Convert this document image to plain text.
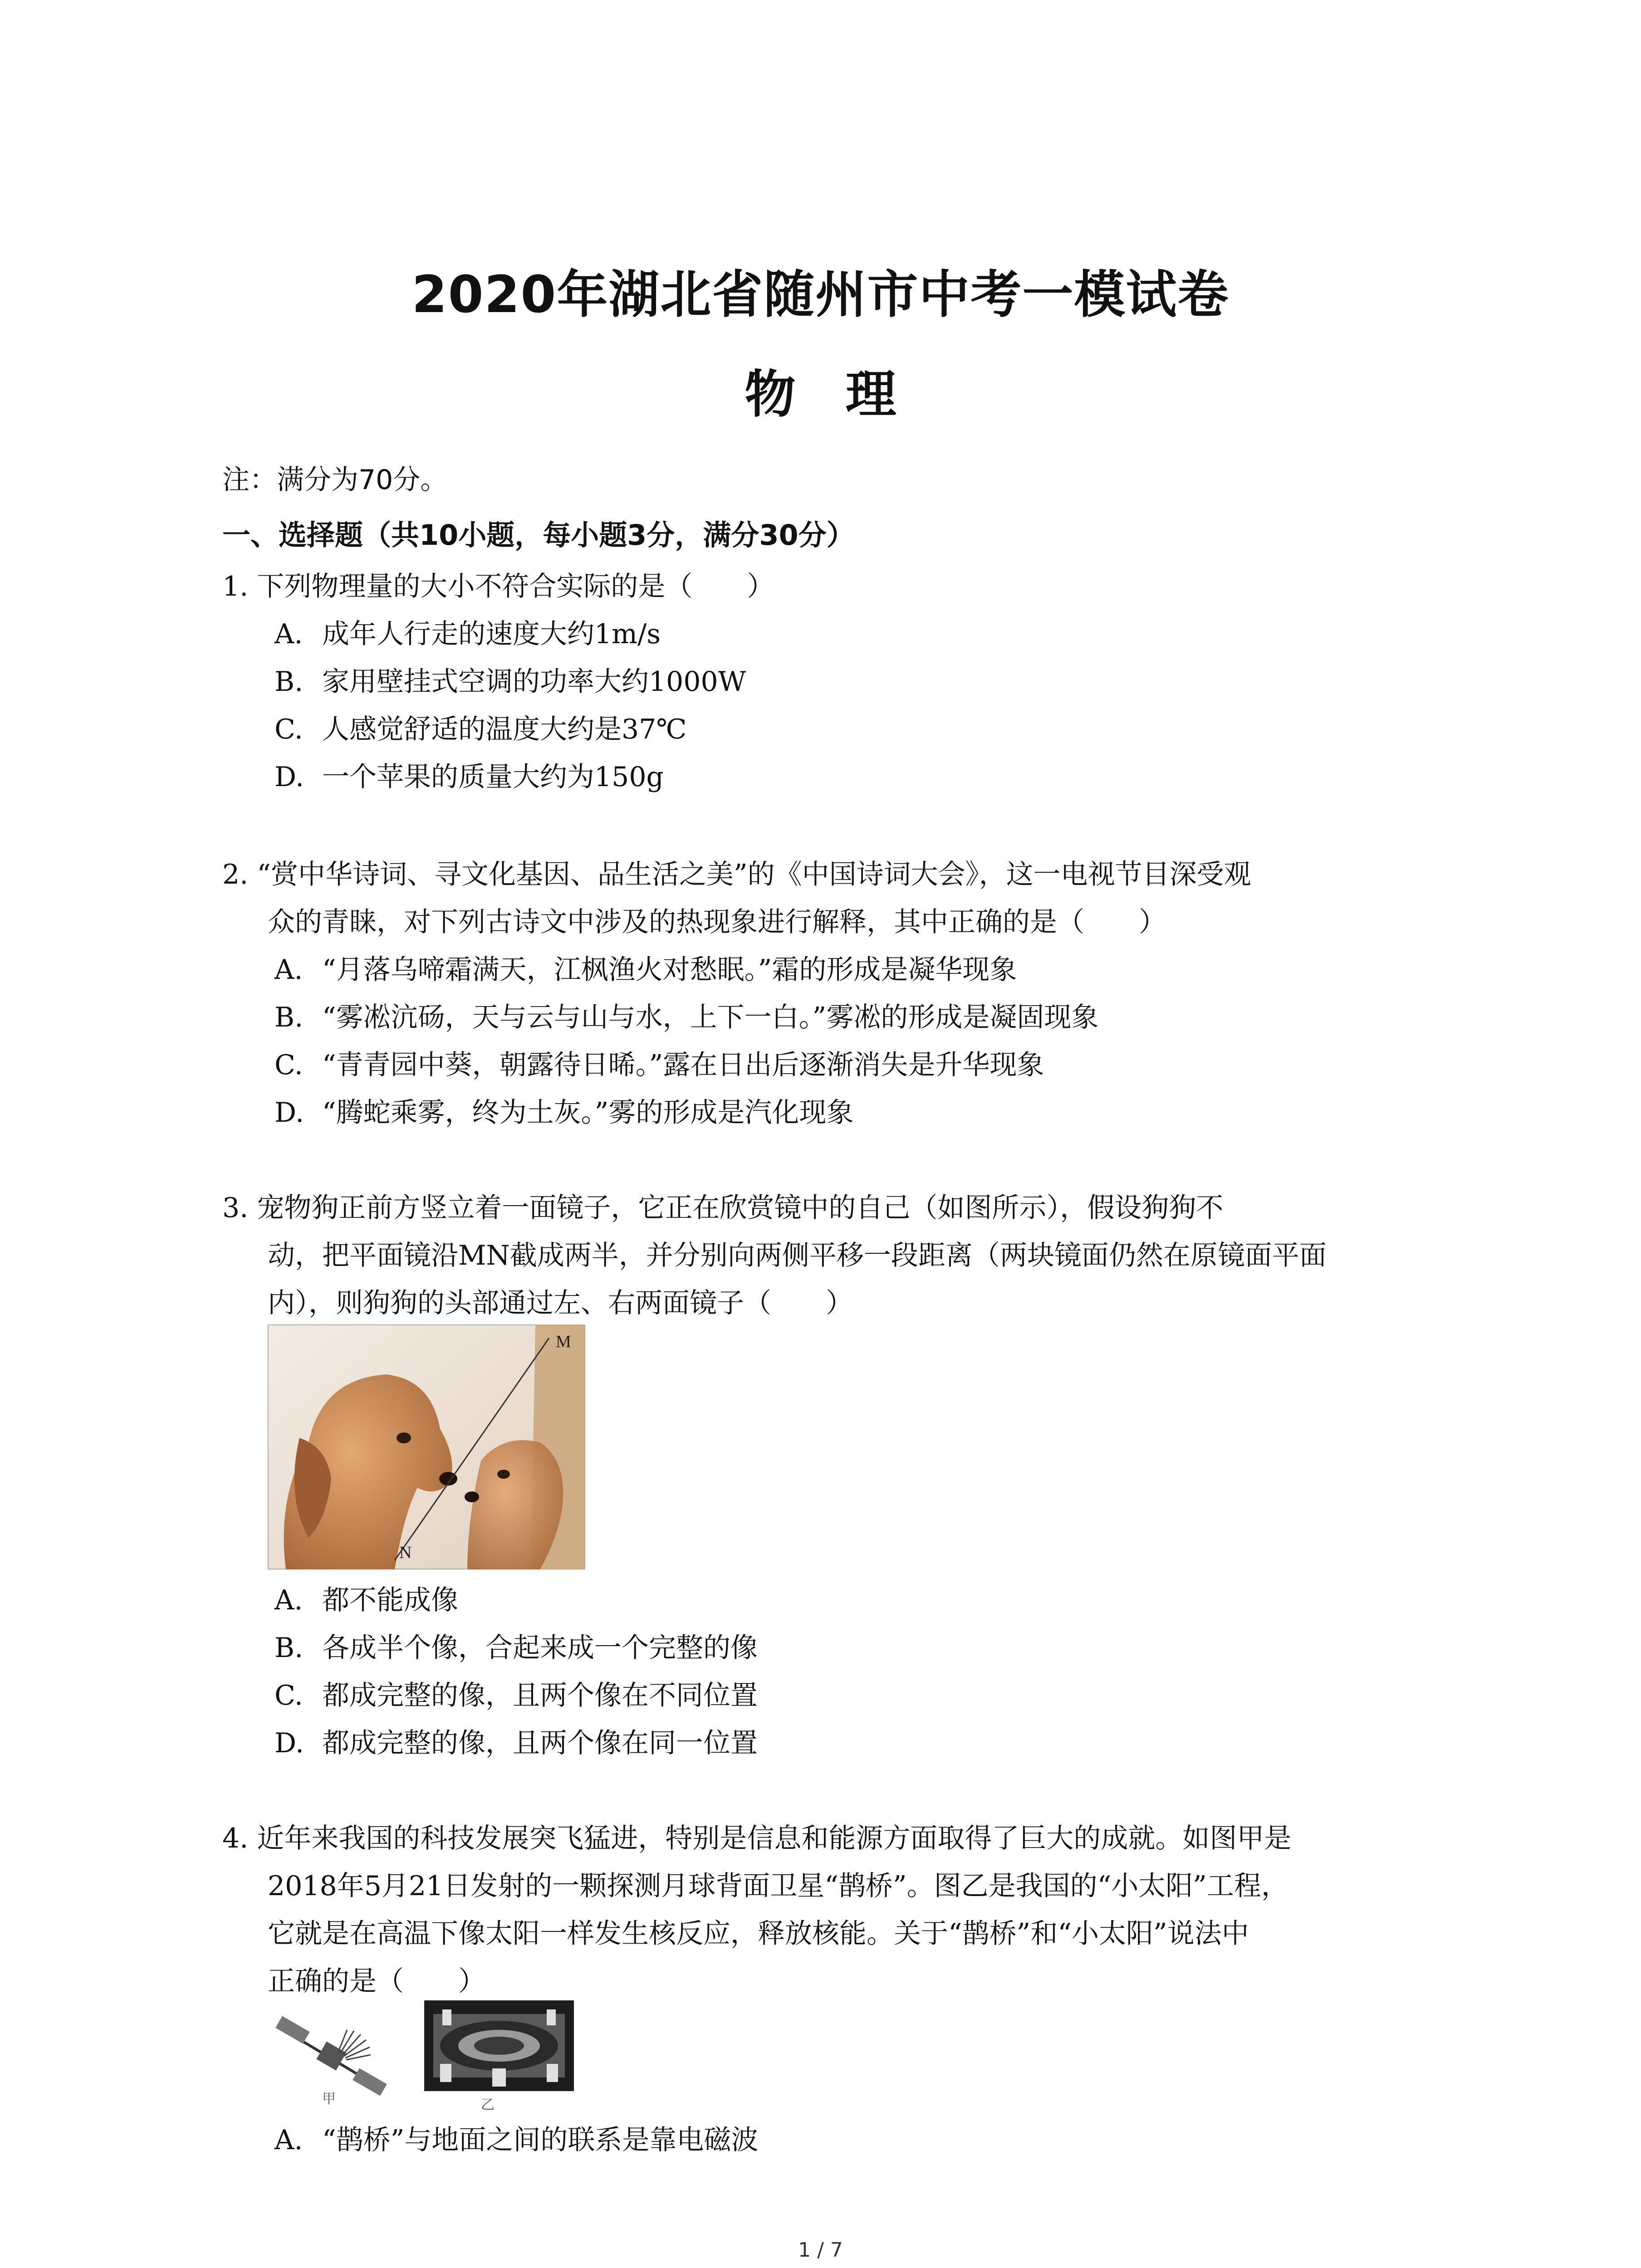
2020年湖北省随州市中考一模试卷
物理
注：满分为70分。
一、选择题（共10小题，每小题3分，满分30分）
1. 下列物理量的大小不符合实际的是（　　）
A. 成年人行走的速度大约1m/s
B. 家用壁挂式空调的功率大约1000W
C. 人感觉舒适的温度大约是37℃
D. 一个苹果的质量大约为150g
2. “赏中华诗词、寻文化基因、品生活之美”的《中国诗词大会》，这一电视节目深受观
众的青睐，对下列古诗文中涉及的热现象进行解释，其中正确的是（　　）
A. “月落乌啼霜满天，江枫渔火对愁眠。”霜的形成是凝华现象
B. “雾凇沆砀，天与云与山与水，上下一白。”雾凇的形成是凝固现象
C. “青青园中葵，朝露待日晞。”露在日出后逐渐消失是升华现象
D. “腾蛇乘雾，终为土灰。”雾的形成是汽化现象
3. 宠物狗正前方竖立着一面镜子，它正在欣赏镜中的自己（如图所示），假设狗狗不
动，把平面镜沿MN截成两半，并分别向两侧平移一段距离（两块镜面仍然在原镜面平面
内），则狗狗的头部通过左、右两面镜子（　　）
M
N
A. 都不能成像
B. 各成半个像，合起来成一个完整的像
C. 都成完整的像，且两个像在不同位置
D. 都成完整的像，且两个像在同一位置
4. 近年来我国的科技发展突飞猛进，特别是信息和能源方面取得了巨大的成就。如图甲是
2018年5月21日发射的一颗探测月球背面卫星“鹊桥”。图乙是我国的“小太阳”工程，
它就是在高温下像太阳一样发生核反应，释放核能。关于“鹊桥”和“小太阳”说法中
正确的是（　　）
甲	乙
A. “鹊桥”与地面之间的联系是靠电磁波
1 / 7
